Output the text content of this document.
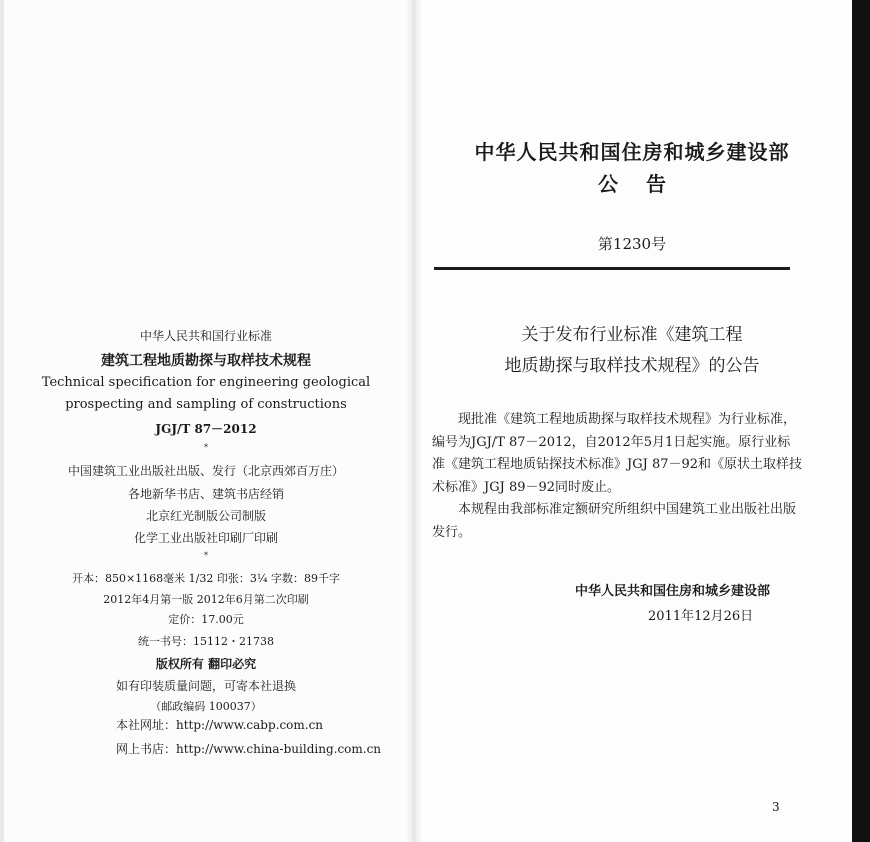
中华人民共和国行业标准
建筑工程地质勘探与取样技术规程
Technical specification for engineering geological
prospecting and sampling of constructions
JGJ/T 87－2012
*
中国建筑工业出版社出版、发行（北京西郊百万庄）
各地新华书店、建筑书店经销
北京红光制版公司制版
化学工业出版社印刷厂印刷
*
开本：850×1168毫米 1/32 印张：3¼ 字数：89千字
2012年4月第一版 2012年6月第二次印刷
定价：17.00元
统一书号：15112・21738
版权所有 翻印必究
如有印装质量问题，可寄本社退换
（邮政编码 100037）
本社网址：http://www.cabp.com.cn
网上书店：http://www.china-building.com.cn
中华人民共和国住房和城乡建设部
公告
第1230号
关于发布行业标准《建筑工程
地质勘探与取样技术规程》的公告
现批准《建筑工程地质勘探与取样技术规程》为行业标准，
编号为JGJ/T 87－2012，自2012年5月1日起实施。原行业标
准《建筑工程地质钻探技术标准》JGJ 87－92和《原状土取样技
术标准》JGJ 89－92同时废止。
本规程由我部标准定额研究所组织中国建筑工业出版社出版
发行。
中华人民共和国住房和城乡建设部
2011年12月26日
3
